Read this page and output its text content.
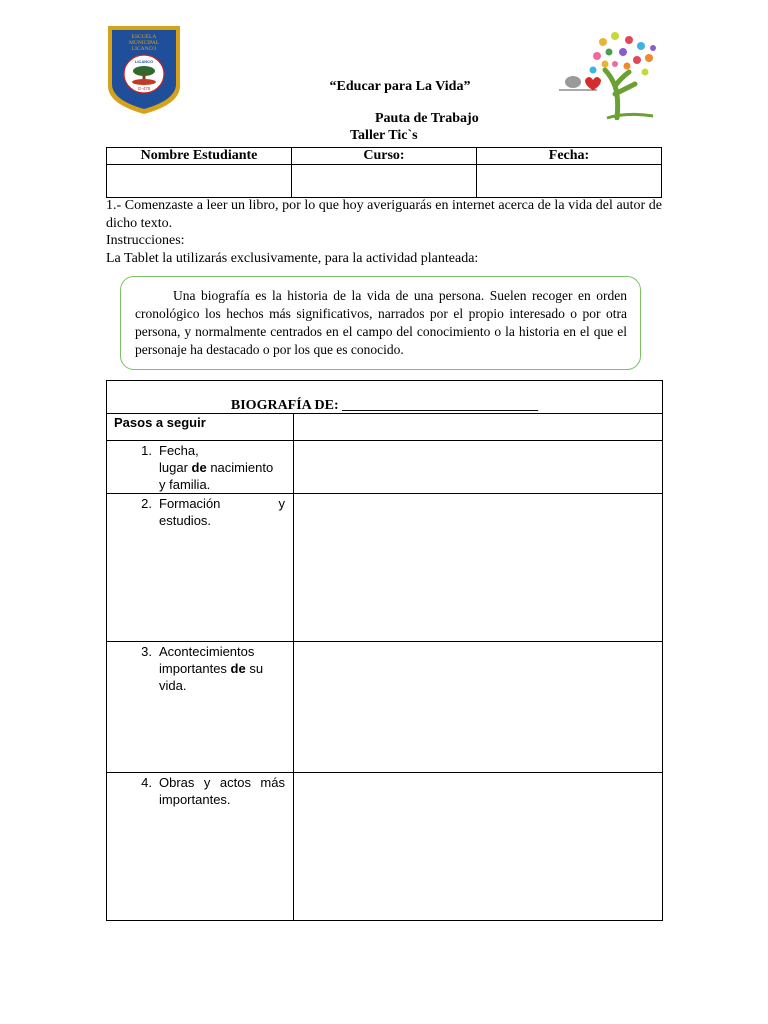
ESCUELA
MUNICIPAL
LICANCO
LICANCO
G-475	“Educar para La Vida”
Pauta de Trabajo
Taller Tic`s
Nombre Estudiante	Curso:	Fecha:

1.- Comenzaste a leer un libro, por lo que hoy averiguarás en internet acerca de la vida del autor de dicho texto.

Instrucciones:

La Tablet la utilizarás exclusivamente, para la actividad planteada:

Una biografía es la historia de la vida de una persona. Suelen recoger en orden cronológico los hechos más significativos, narrados por el propio interesado o por otra persona, y normalmente centrados en el campo del conocimiento o la historia en el que el personaje ha destacado o por los que es conocido.

BIOGRAFÍA DE: ____________________________	
Pasos a seguir	

1. Fecha,
lugar de nacimiento
y familia.	

2. Formación y estudios.	

3. Acontecimientos
importantes de su
vida.	

4. Obras y actos más importantes.	
